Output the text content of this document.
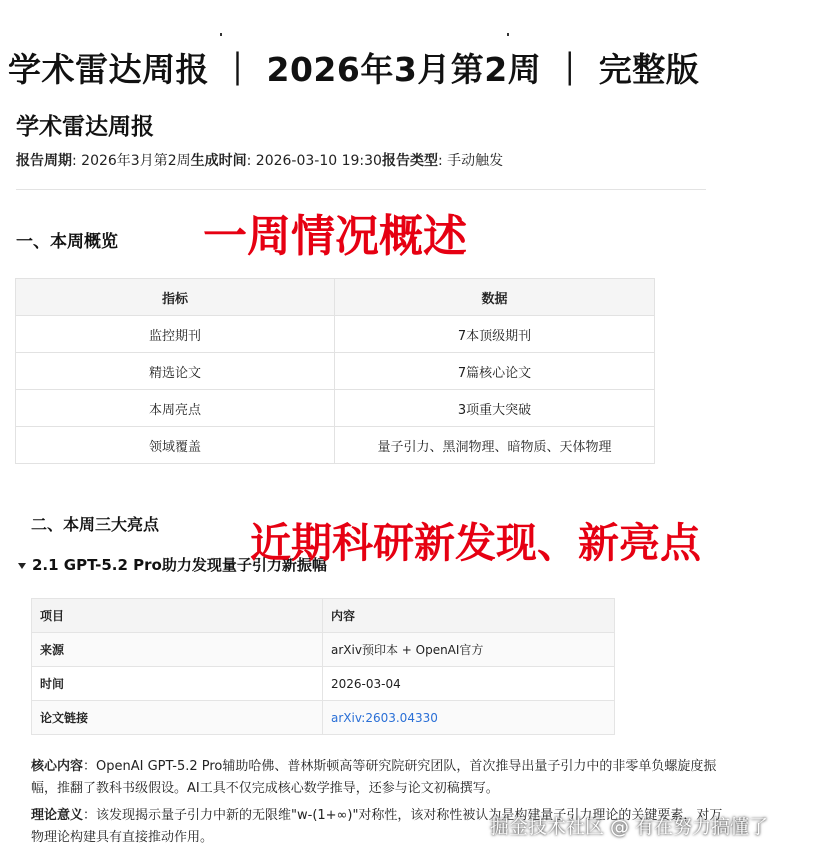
学术雷达周报 ｜ 2026年3月第2周 ｜ 完整版
学术雷达周报
报告周期: 2026年3月第2周生成时间: 2026-03-10 19:30报告类型: 手动触发
一、本周概览 一周情况概述
指标	数据
监控期刊	7本顶级期刊
精选论文	7篇核心论文
本周亮点	3项重大突破
领域覆盖	量子引力、黑洞物理、暗物质、天体物理
二、本周三大亮点
2.1 GPT-5.2 Pro助力发现量子引力新振幅
近期科研新发现、新亮点
项目	内容
来源	arXiv预印本 + OpenAI官方
时间	2026-03-04
论文链接	arXiv:2603.04330
核心内容：OpenAI GPT-5.2 Pro辅助哈佛、普林斯顿高等研究院研究团队，首次推导出量子引力中的非零单负螺旋度振幅，推翻了教科书级假设。AI工具不仅完成核心数学推导，还参与论文初稿撰写。
理论意义：该发现揭示量子引力中新的无限维"w-(1+∞)"对称性，该对称性被认为是构建量子引力理论的关键要素，对万物理论构建具有直接推动作用。	掘金技术社区 @ 有在努力搞懂了
